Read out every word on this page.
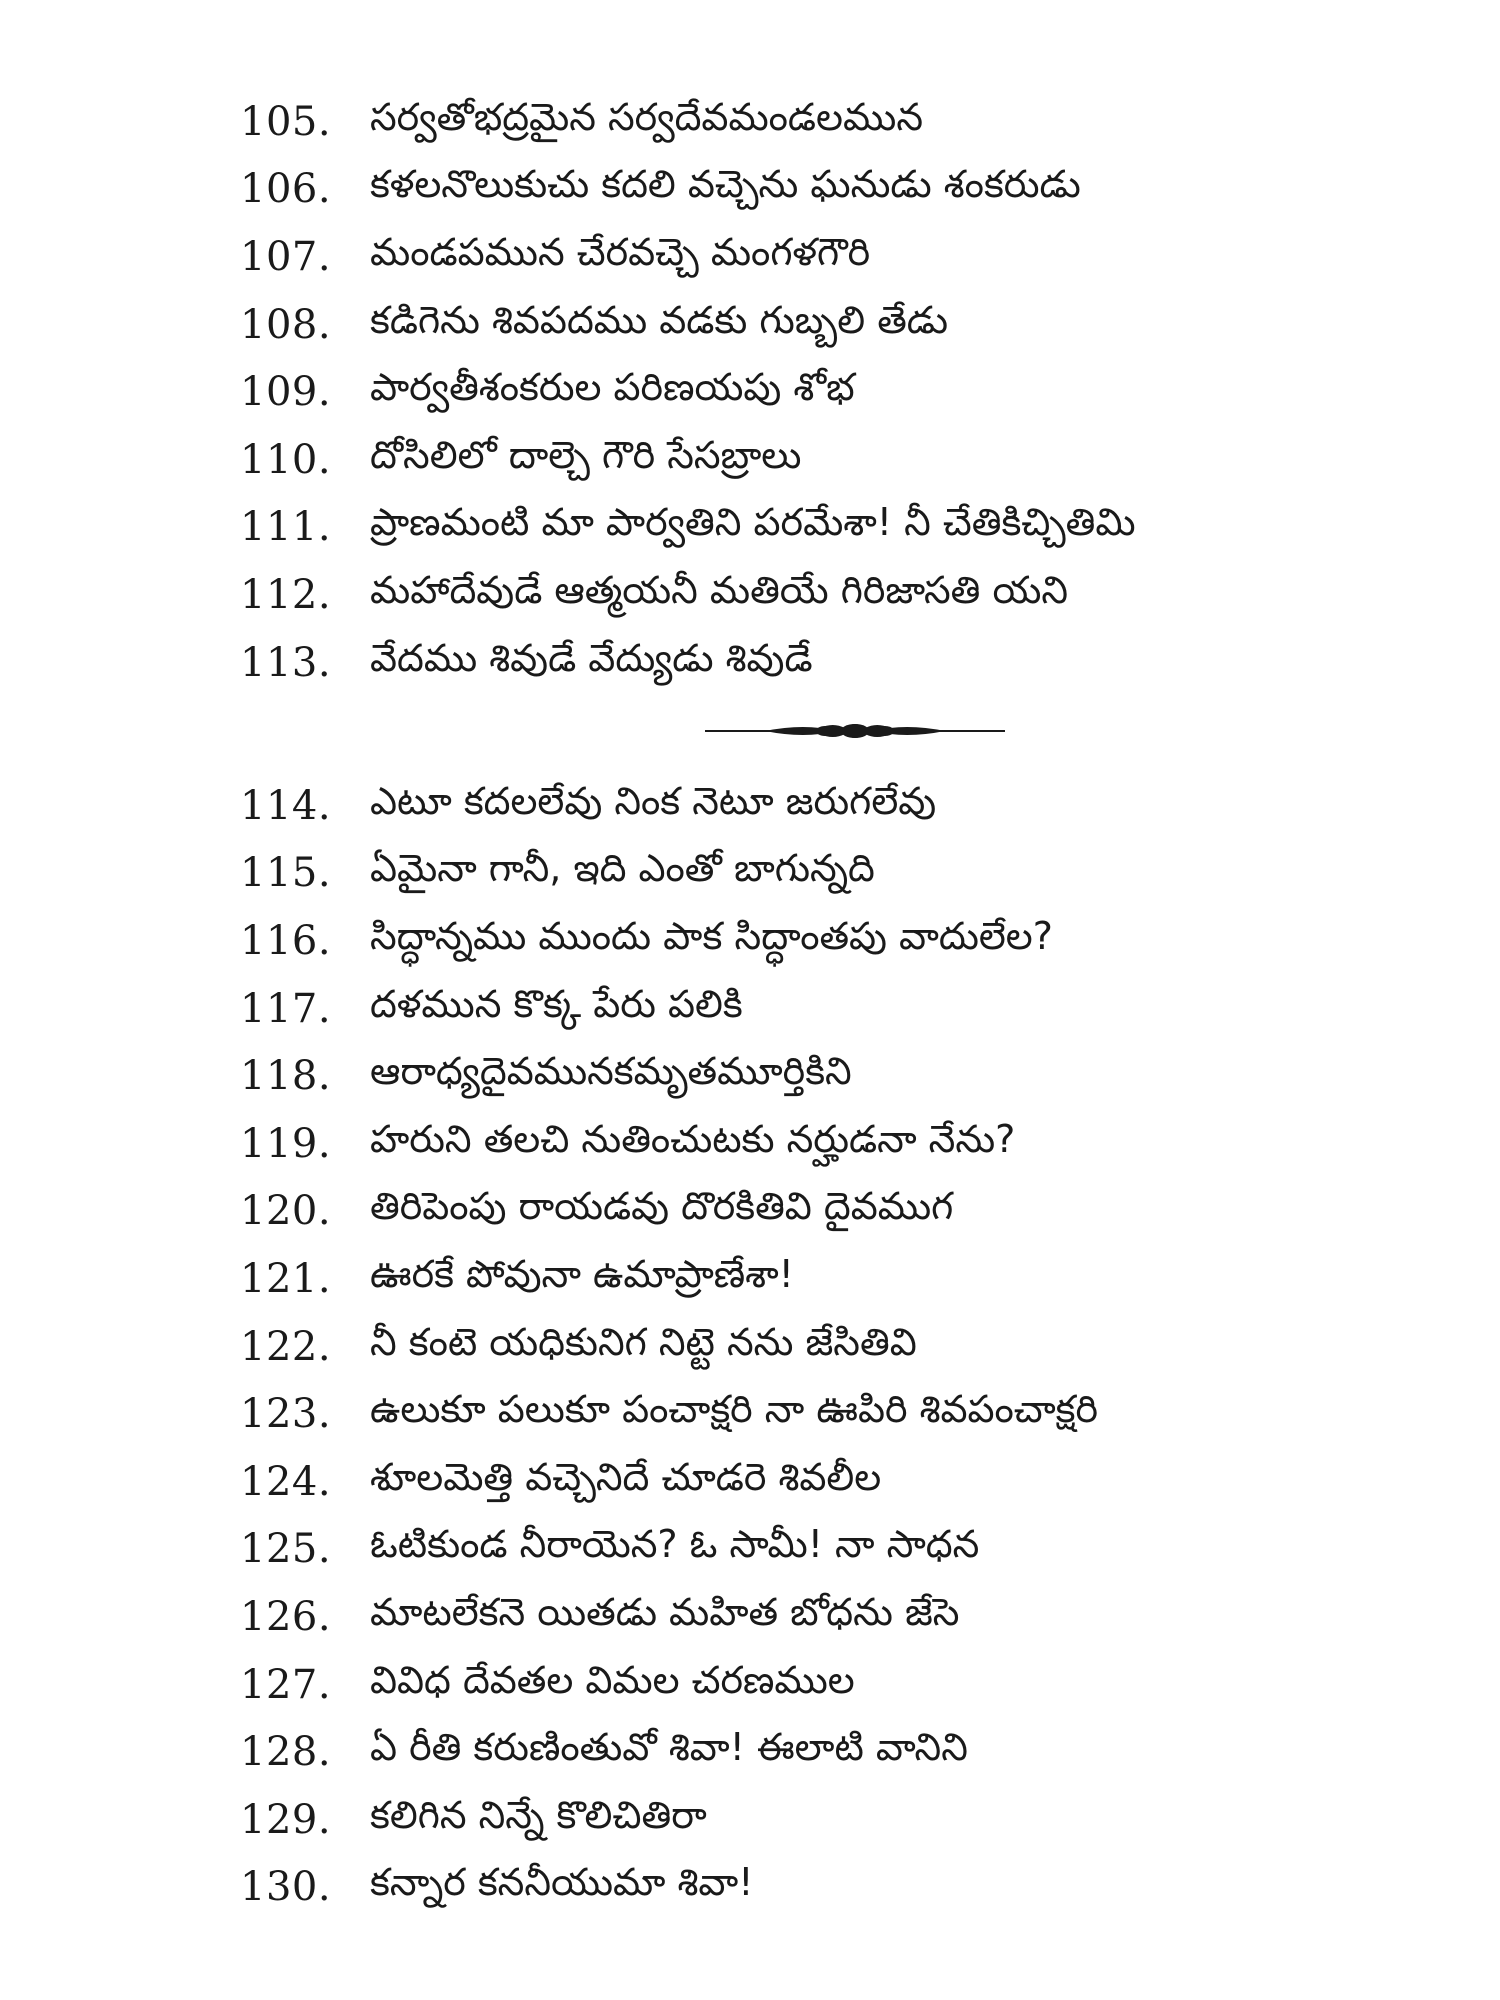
105.	సర్వతోభద్రమైన సర్వదేవమండలమున
106.	కళలనొలుకుచు కదలి వచ్చెను ఘనుడు శంకరుడు
107.	మండపమున చేరవచ్చె మంగళగౌరి
108.	కడిగెను శివపదము వడకు గుబ్బలి తేడు
109.	పార్వతీశంకరుల పరిణయపు శోభ
110.	దోసిలిలో దాల్చె గౌరి సేసబ్రాలు
111.	ప్రాణమంటి మా పార్వతిని పరమేశా! నీ చేతికిచ్చితిమి
112.	మహాదేవుడే ఆత్మయనీ మతియే గిరిజాసతి యని
113.	వేదము శివుడే వేద్యుడు శివుడే
114.	ఎటూ కదలలేవు నింక నెటూ జరుగలేవు
115.	ఏమైనా గానీ, ఇది ఎంతో బాగున్నది
116.	సిద్ధాన్నము ముందు పాక సిద్ధాంతపు వాదులేల?
117.	దళమున కొక్క పేరు పలికి
118.	ఆరాధ్యదైవమునకమృతమూర్తికిని
119.	హరుని తలచి నుతించుటకు నర్హుడనా నేను?
120.	తిరిపెంపు రాయడవు దొరకితివి దైవముగ
121.	ఊరకే పోవునా ఉమాప్రాణేశా!
122.	నీ కంటె యధికునిగ నిట్టె నను జేసితివి
123.	ఉలుకూ పలుకూ పంచాక్షరి నా ఊపిరి శివపంచాక్షరి
124.	శూలమెత్తి వచ్చెనిదే చూడరె శివలీల
125.	ఓటికుండ నీరాయెన? ఓ సామీ! నా సాధన
126.	మాటలేకనె యితడు మహిత బోధను జేసె
127.	వివిధ దేవతల విమల చరణముల
128.	ఏ రీతి కరుణింతువో శివా! ఈలాటి వానిని
129.	కలిగిన నిన్నే కొలిచితిరా
130.	కన్నార కననీయుమా శివా!
